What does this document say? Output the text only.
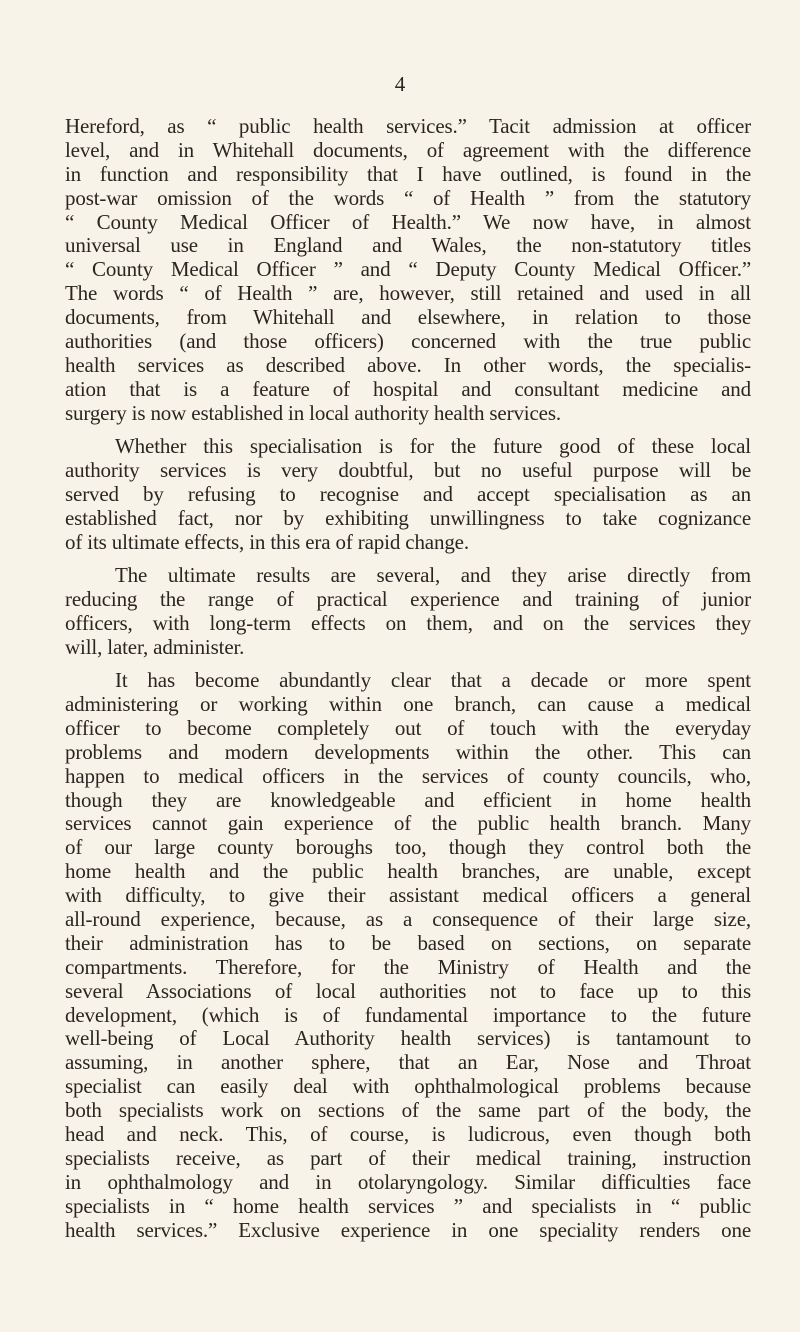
4
Hereford, as “ public health services.” Tacit admission at officer
level, and in Whitehall documents, of agreement with the difference
in function and responsibility that I have outlined, is found in the
post-war omission of the words “ of Health ” from the statutory
“ County Medical Officer of Health.” We now have, in almost
universal use in England and Wales, the non-statutory titles
“ County Medical Officer ” and “ Deputy County Medical Officer.”
The words “ of Health ” are, however, still retained and used in all
documents, from Whitehall and elsewhere, in relation to those
authorities (and those officers) concerned with the true public
health services as described above. In other words, the specialis-
ation that is a feature of hospital and consultant medicine and
surgery is now established in local authority health services.
Whether this specialisation is for the future good of these local
authority services is very doubtful, but no useful purpose will be
served by refusing to recognise and accept specialisation as an
established fact, nor by exhibiting unwillingness to take cognizance
of its ultimate effects, in this era of rapid change.
The ultimate results are several, and they arise directly from
reducing the range of practical experience and training of junior
officers, with long-term effects on them, and on the services they
will, later, administer.
It has become abundantly clear that a decade or more spent
administering or working within one branch, can cause a medical
officer to become completely out of touch with the everyday
problems and modern developments within the other. This can
happen to medical officers in the services of county councils, who,
though they are knowledgeable and efficient in home health
services cannot gain experience of the public health branch. Many
of our large county boroughs too, though they control both the
home health and the public health branches, are unable, except
with difficulty, to give their assistant medical officers a general
all-round experience, because, as a consequence of their large size,
their administration has to be based on sections, on separate
compartments. Therefore, for the Ministry of Health and the
several Associations of local authorities not to face up to this
development, (which is of fundamental importance to the future
well-being of Local Authority health services) is tantamount to
assuming, in another sphere, that an Ear, Nose and Throat
specialist can easily deal with ophthalmological problems because
both specialists work on sections of the same part of the body, the
head and neck. This, of course, is ludicrous, even though both
specialists receive, as part of their medical training, instruction
in ophthalmology and in otolaryngology. Similar difficulties face
specialists in “ home health services ” and specialists in “ public
health services.” Exclusive experience in one speciality renders one
